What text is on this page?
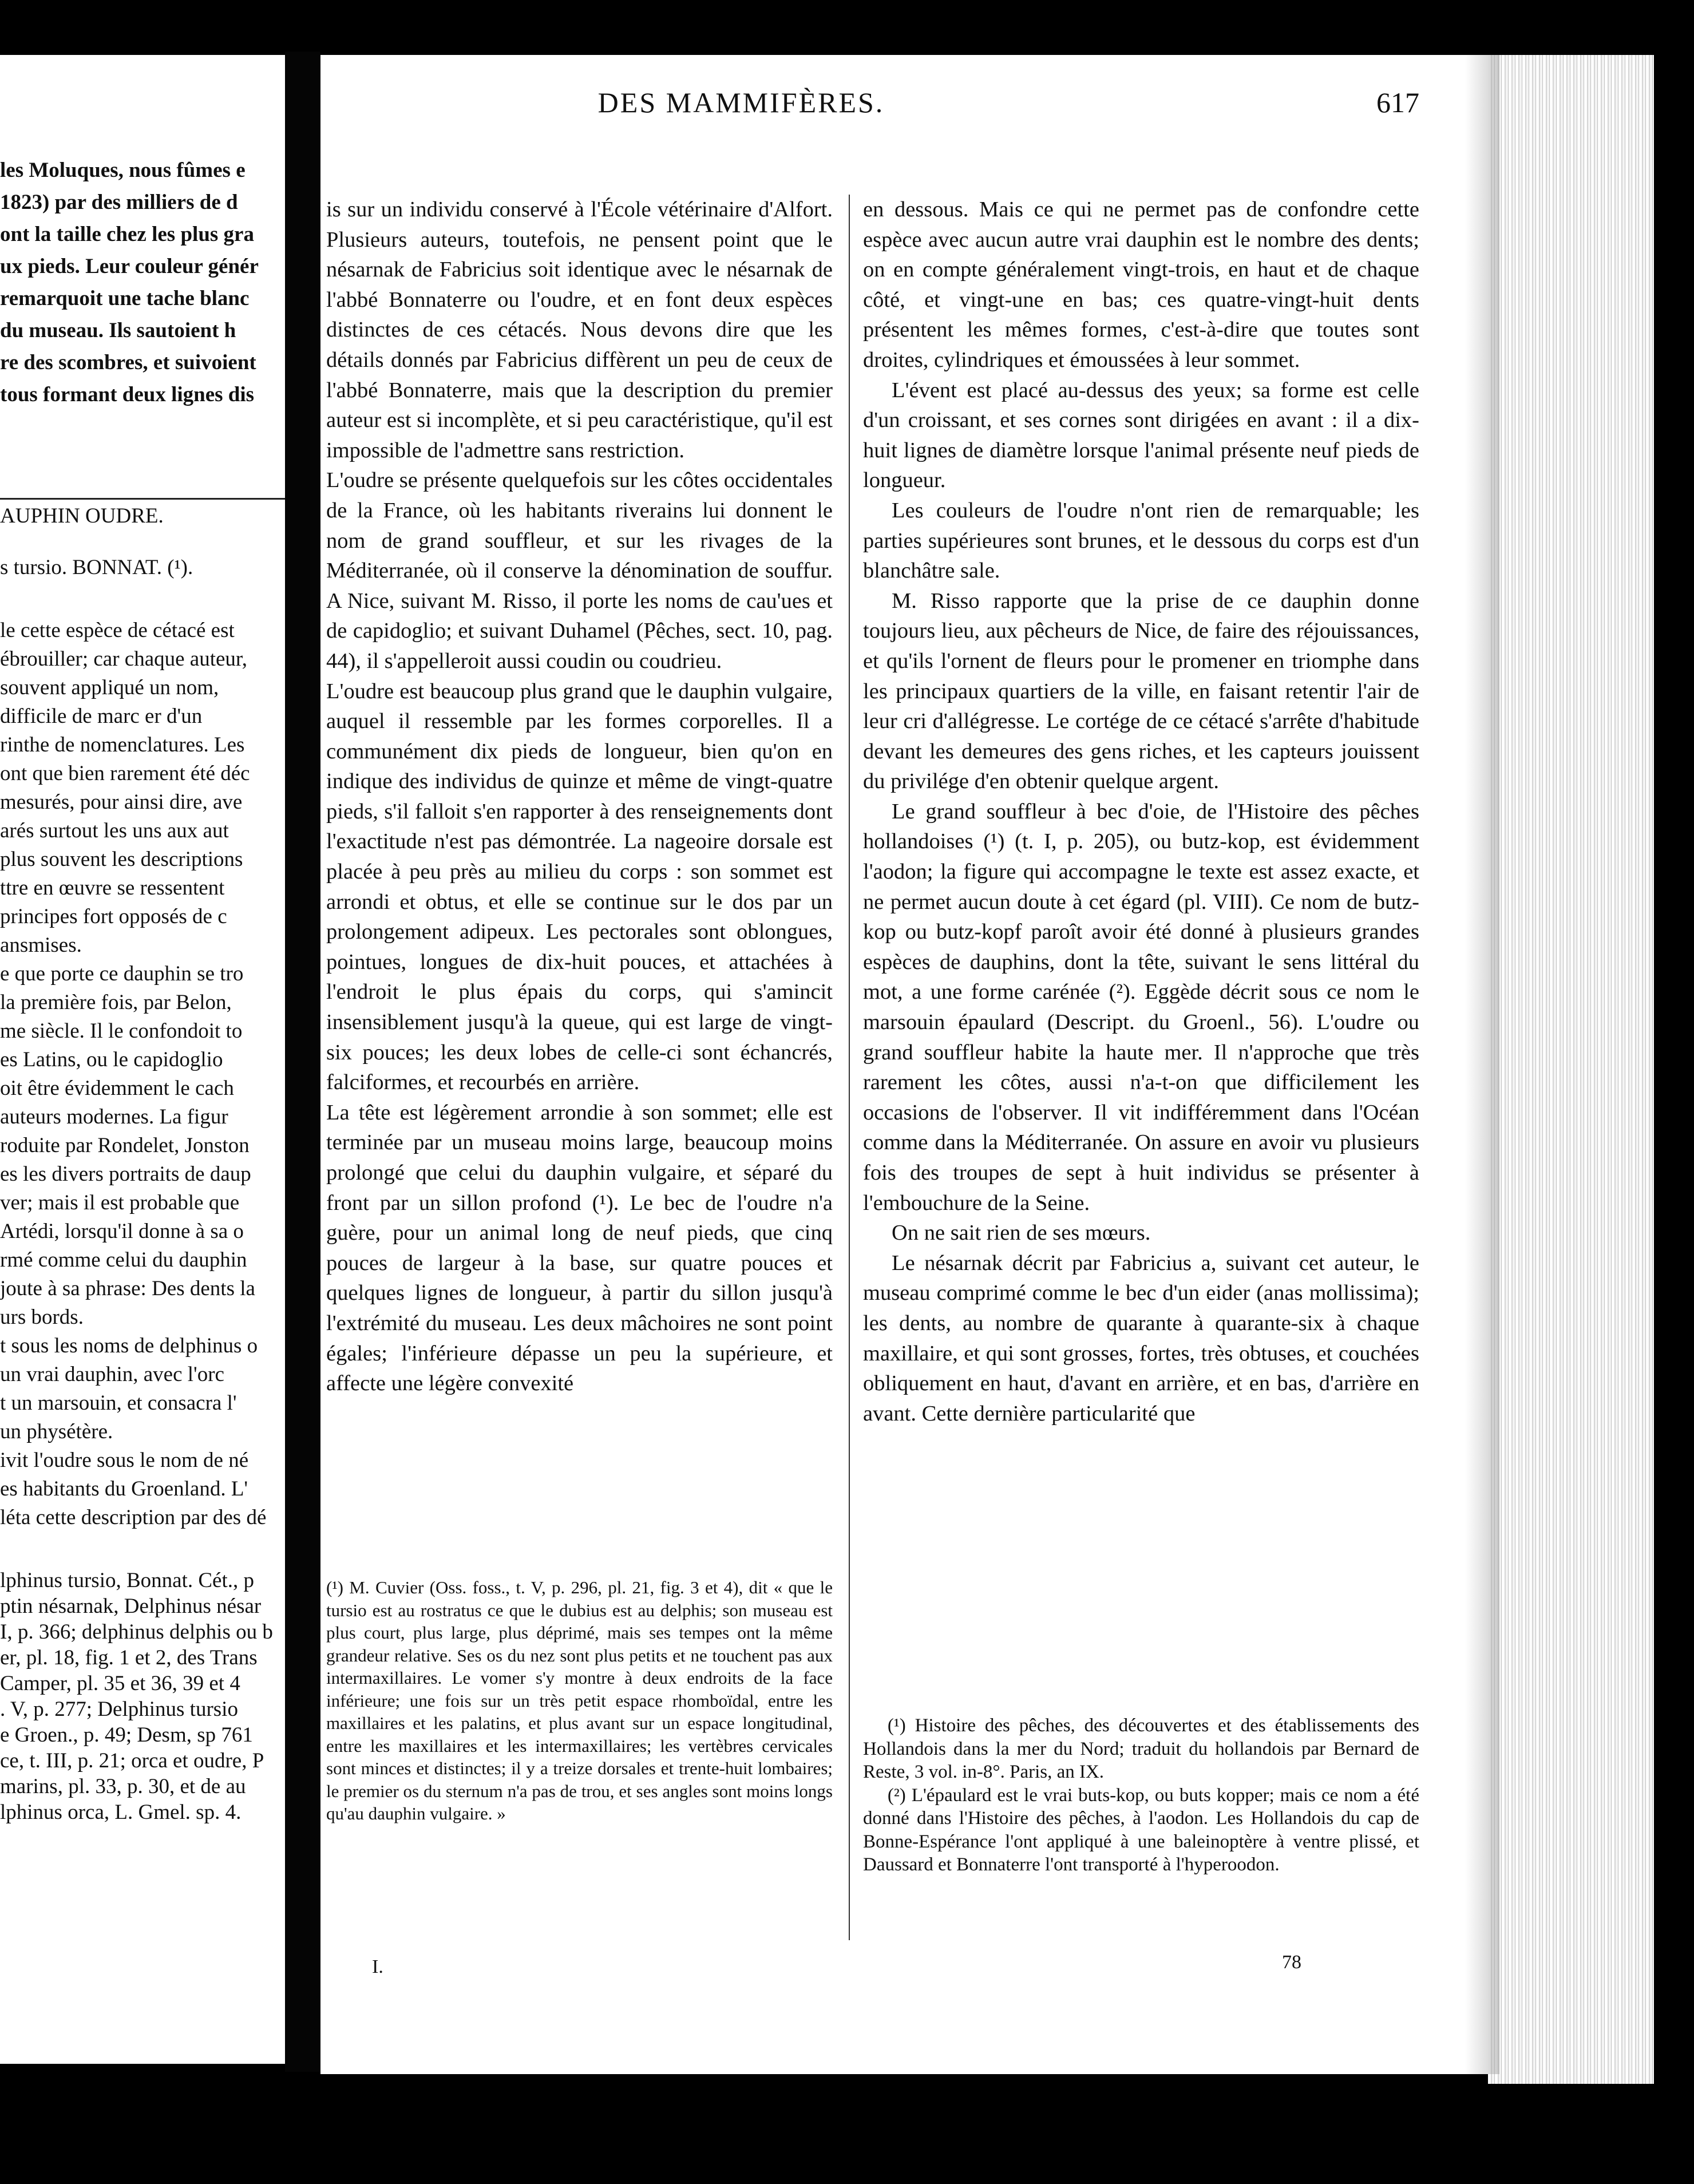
les Moluques, nous fûmes e
1823) par des milliers de d
ont la taille chez les plus gra
ux pieds. Leur couleur génér
remarquoit une tache blanc
du museau. Ils sautoient h
re des scombres, et suivoient
tous formant deux lignes dis
AUPHIN OUDRE.
s tursio. BONNAT. (¹).
le cette espèce de cétacé est
ébrouiller; car chaque auteur,
souvent appliqué un nom,
difficile de marc er d'un
rinthe de nomenclatures. Les
ont que bien rarement été déc
mesurés, pour ainsi dire, ave
arés surtout les uns aux aut
plus souvent les descriptions
ttre en œuvre se ressentent
principes fort opposés de c
ansmises.
e que porte ce dauphin se tro
la première fois, par Belon,
me siècle. Il le confondoit to
es Latins, ou le capidoglio
oit être évidemment le cach
auteurs modernes. La figur
roduite par Rondelet, Jonston
es les divers portraits de daup
ver; mais il est probable que
Artédi, lorsqu'il donne à sa o
rmé comme celui du dauphin
joute à sa phrase: Des dents la
urs bords.
t sous les noms de delphinus o
un vrai dauphin, avec l'orc
t un marsouin, et consacra l'
un physétère.
ivit l'oudre sous le nom de né
es habitants du Groenland. L'
léta cette description par des dé
lphinus tursio, Bonnat. Cét., p
ptin nésarnak, Delphinus nésar
I, p. 366; delphinus delphis ou b
er, pl. 18, fig. 1 et 2, des Trans
Camper, pl. 35 et 36, 39 et 4
. V, p. 277; Delphinus tursio
e Groen., p. 49; Desm, sp 761
ce, t. III, p. 21; orca et oudre, P
marins, pl. 33, p. 30, et de au
lphinus orca, L. Gmel. sp. 4.
DES MAMMIFÈRES.	617

is sur un individu conservé à l'École vétérinaire d'Alfort. Plusieurs auteurs, toutefois, ne pensent point que le nésarnak de Fabricius soit identique avec le nésarnak de l'abbé Bonnaterre ou l'oudre, et en font deux espèces distinctes de ces cétacés. Nous devons dire que les détails donnés par Fabricius diffèrent un peu de ceux de l'abbé Bonnaterre, mais que la description du premier auteur est si incomplète, et si peu caractéristique, qu'il est impossible de l'admettre sans restriction.

L'oudre se présente quelquefois sur les côtes occidentales de la France, où les habitants riverains lui donnent le nom de grand souffleur, et sur les rivages de la Méditerranée, où il conserve la dénomination de souffur. A Nice, suivant M. Risso, il porte les noms de cau'ues et de capidoglio; et suivant Duhamel (Pêches, sect. 10, pag. 44), il s'appelleroit aussi coudin ou coudrieu.

L'oudre est beaucoup plus grand que le dauphin vulgaire, auquel il ressemble par les formes corporelles. Il a communément dix pieds de longueur, bien qu'on en indique des individus de quinze et même de vingt-quatre pieds, s'il falloit s'en rapporter à des renseignements dont l'exactitude n'est pas démontrée. La nageoire dorsale est placée à peu près au milieu du corps : son sommet est arrondi et obtus, et elle se continue sur le dos par un prolongement adipeux. Les pectorales sont oblongues, pointues, longues de dix-huit pouces, et attachées à l'endroit le plus épais du corps, qui s'amincit insensiblement jusqu'à la queue, qui est large de vingt-six pouces; les deux lobes de celle-ci sont échancrés, falciformes, et recourbés en arrière.

La tête est légèrement arrondie à son sommet; elle est terminée par un museau moins large, beaucoup moins prolongé que celui du dauphin vulgaire, et séparé du front par un sillon profond (¹). Le bec de l'oudre n'a guère, pour un animal long de neuf pieds, que cinq pouces de largeur à la base, sur quatre pouces et quelques lignes de longueur, à partir du sillon jusqu'à l'extrémité du museau. Les deux mâchoires ne sont point égales; l'inférieure dépasse un peu la supérieure, et affecte une légère convexité

(¹) M. Cuvier (Oss. foss., t. V, p. 296, pl. 21, fig. 3 et 4), dit « que le tursio est au rostratus ce que le dubius est au delphis; son museau est plus court, plus large, plus déprimé, mais ses tempes ont la même grandeur relative. Ses os du nez sont plus petits et ne touchent pas aux intermaxillaires. Le vomer s'y montre à deux endroits de la face inférieure; une fois sur un très petit espace rhomboïdal, entre les maxillaires et les palatins, et plus avant sur un espace longitudinal, entre les maxillaires et les intermaxillaires; les vertèbres cervicales sont minces et distinctes; il y a treize dorsales et trente-huit lombaires; le premier os du sternum n'a pas de trou, et ses angles sont moins longs qu'au dauphin vulgaire. »

en dessous. Mais ce qui ne permet pas de confondre cette espèce avec aucun autre vrai dauphin est le nombre des dents; on en compte généralement vingt-trois, en haut et de chaque côté, et vingt-une en bas; ces quatre-vingt-huit dents présentent les mêmes formes, c'est-à-dire que toutes sont droites, cylindriques et émoussées à leur sommet.

L'évent est placé au-dessus des yeux; sa forme est celle d'un croissant, et ses cornes sont dirigées en avant : il a dix-huit lignes de diamètre lorsque l'animal présente neuf pieds de longueur.

Les couleurs de l'oudre n'ont rien de remarquable; les parties supérieures sont brunes, et le dessous du corps est d'un blanchâtre sale.

M. Risso rapporte que la prise de ce dauphin donne toujours lieu, aux pêcheurs de Nice, de faire des réjouissances, et qu'ils l'ornent de fleurs pour le promener en triomphe dans les principaux quartiers de la ville, en faisant retentir l'air de leur cri d'allégresse. Le cortége de ce cétacé s'arrête d'habitude devant les demeures des gens riches, et les capteurs jouissent du privilége d'en obtenir quelque argent.

Le grand souffleur à bec d'oie, de l'Histoire des pêches hollandoises (¹) (t. I, p. 205), ou butz-kop, est évidemment l'aodon; la figure qui accompagne le texte est assez exacte, et ne permet aucun doute à cet égard (pl. VIII). Ce nom de butz-kop ou butz-kopf paroît avoir été donné à plusieurs grandes espèces de dauphins, dont la tête, suivant le sens littéral du mot, a une forme carénée (²). Eggède décrit sous ce nom le marsouin épaulard (Descript. du Groenl., 56). L'oudre ou grand souffleur habite la haute mer. Il n'approche que très rarement les côtes, aussi n'a-t-on que difficilement les occasions de l'observer. Il vit indifféremment dans l'Océan comme dans la Méditerranée. On assure en avoir vu plusieurs fois des troupes de sept à huit individus se présenter à l'embouchure de la Seine.

On ne sait rien de ses mœurs.

Le nésarnak décrit par Fabricius a, suivant cet auteur, le museau comprimé comme le bec d'un eider (anas mollissima); les dents, au nombre de quarante à quarante-six à chaque maxillaire, et qui sont grosses, fortes, très obtuses, et couchées obliquement en haut, d'avant en arrière, et en bas, d'arrière en avant. Cette dernière particularité que

(¹) Histoire des pêches, des découvertes et des établissements des Hollandois dans la mer du Nord; traduit du hollandois par Bernard de Reste, 3 vol. in-8°. Paris, an IX.

(²) L'épaulard est le vrai buts-kop, ou buts kopper; mais ce nom a été donné dans l'Histoire des pêches, à l'aodon. Les Hollandois du cap de Bonne-Espérance l'ont appliqué à une baleinoptère à ventre plissé, et Daussard et Bonnaterre l'ont transporté à l'hyperoodon.

I.	78
